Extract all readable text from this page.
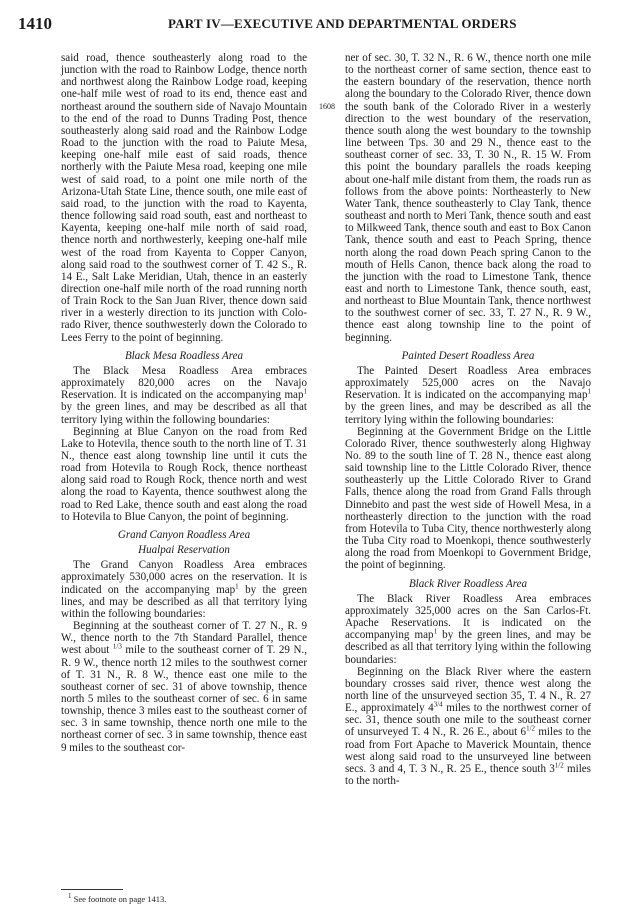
1410	PART IV—EXECUTIVE AND DEPARTMENTAL ORDERS
1608

said road, thence southeasterly along road to the junction with the road to Rainbow Lodge, thence north and northwest along the Rainbow Lodge road, keeping one-half mile west of road to its end, thence east and northeast around the southern side of Navajo Mountain to the end of the road to Dunns Trading Post, thence southeasterly along said road and the Rainbow Lodge Road to the junction with the road to Paiute Mesa, keeping one-half mile east of said roads, thence northerly with the Paiute Mesa road, keeping one mile west of said road, to a point one mile north of the Arizona-Utah State Line, thence south, one mile east of said road, to the junction with the road to Kayenta, thence following said road south, east and northeast to Kayenta, keeping one-half mile north of said road, thence north and northwesterly, keeping one-half mile west of the road from Kayenta to Copper Canyon, along said road to the southwest corner of T. 42 S., R. 14 E., Salt Lake Meridian, Utah, thence in an easterly direction one-half mile north of the road running north of Train Rock to the San Juan River, thence down said river in a westerly direction to its junction with Colorado River, thence southwesterly down the Colorado to Lees Ferry to the point of beginning.

Black Mesa Roadless Area

The Black Mesa Roadless Area embraces approximately 820,000 acres on the Navajo Reservation. It is indicated on the accompanying map$^1$ by the green lines, and may be described as all that territory lying within the following boundaries:

Beginning at Blue Canyon on the road from Red Lake to Hotevila, thence south to the north line of T. 31 N., thence east along township line until it cuts the road from Hotevila to Rough Rock, thence northeast along said road to Rough Rock, thence north and west along the road to Kayenta, thence southwest along the road to Red Lake, thence south and east along the road to Hotevila to Blue Canyon, the point of beginning.

Grand Canyon Roadless Area

Hualpai Reservation

The Grand Canyon Roadless Area embraces approximately 530,000 acres on the reservation. It is indicated on the accompanying map$^1$ by the green lines, and may be described as all that territory lying within the following boundaries:

Beginning at the southeast corner of T. 27 N., R. 9 W., thence north to the 7th Standard Parallel, thence west about $^{1/3}$ mile to the southeast corner of T. 29 N., R. 9 W., thence north 12 miles to the southwest corner of T. 31 N., R. 8 W., thence east one mile to the southeast corner of sec. 31 of above township, thence north 5 miles to the southeast corner of sec. 6 in same township, thence 3 miles east to the southeast corner of sec. 3 in same township, thence north one mile to the northeast corner of sec. 3 in same township, thence east 9 miles to the southeast cor-

ner of sec. 30, T. 32 N., R. 6 W., thence north one mile to the northeast corner of same section, thence east to the eastern boundary of the reservation, thence north along the boundary to the Colorado River, thence down the south bank of the Colorado River in a westerly direction to the west boundary of the reservation, thence south along the west boundary to the township line between Tps. 30 and 29 N., thence east to the southeast corner of sec. 33, T. 30 N., R. 15 W. From this point the boundary parallels the roads keeping about one-half mile distant from them, the roads run as follows from the above points: Northeasterly to New Water Tank, thence southeasterly to Clay Tank, thence southeast and north to Meri Tank, thence south and east to Milkweed Tank, thence south and east to Box Canon Tank, thence south and east to Peach Spring, thence north along the road down Peach spring Canon to the mouth of Hells Canon, thence back along the road to the junction with the road to Limestone Tank, thence east and north to Limestone Tank, thence south, east, and northeast to Blue Mountain Tank, thence northwest to the southwest corner of sec. 33, T. 27 N., R. 9 W., thence east along township line to the point of beginning.

Painted Desert Roadless Area

The Painted Desert Roadless Area embraces approximately 525,000 acres on the Navajo Reservation. It is indicated on the accompanying map$^1$ by the green lines, and may be described as all the territory lying within the following boundaries:

Beginning at the Government Bridge on the Little Colorado River, thence southwesterly along Highway No. 89 to the south line of T. 28 N., thence east along said township line to the Little Colorado River, thence southeasterly up the Little Colorado River to Grand Falls, thence along the road from Grand Falls through Dinnebito and past the west side of Howell Mesa, in a northeasterly direction to the junction with the road from Hotevila to Tuba City, thence northwesterly along the Tuba City road to Moenkopi, thence southwesterly along the road from Moenkopi to Government Bridge, the point of beginning.

Black River Roadless Area

The Black River Roadless Area embraces approximately 325,000 acres on the San Carlos-Ft. Apache Reservations. It is indicated on the accompanying map$^1$ by the green lines, and may be described as all that territory lying within the following boundaries:

Beginning on the Black River where the eastern boundary crosses said river, thence west along the north line of the unsurveyed section 35, T. 4 N., R. 27 E., approximately $4^{3/4}$ miles to the northwest corner of sec. 31, thence south one mile to the southeast corner of unsurveyed T. 4 N., R. 26 E., about $6^{1/2}$ miles to the road from Fort Apache to Maverick Mountain, thence west along said road to the unsurveyed line between secs. 3 and 4, T. 3 N., R. 25 E., thence south $3^{1/2}$ miles to the north-

$^1$ See footnote on page 1413.
